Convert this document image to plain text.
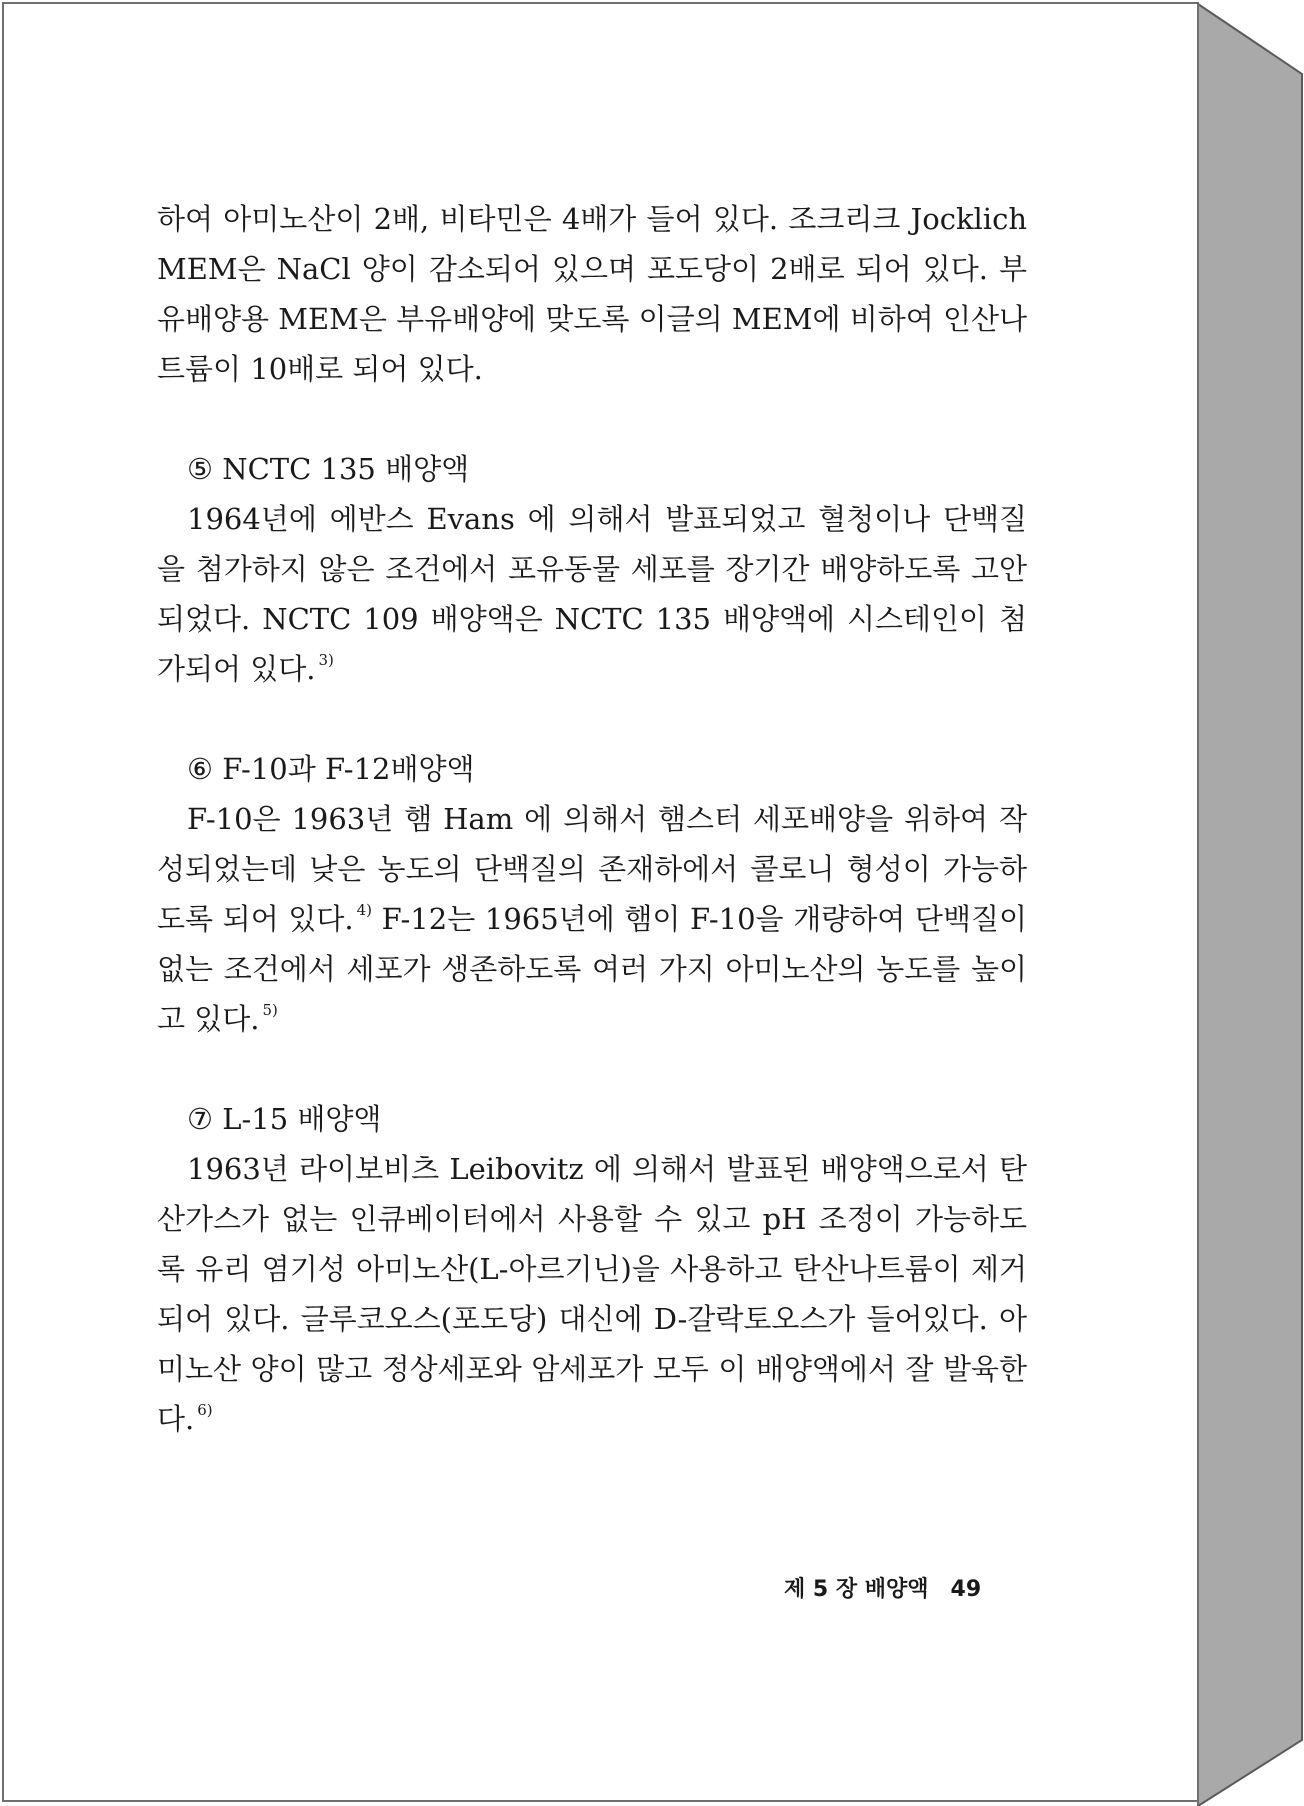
하여 아미노산이 2배, 비타민은 4배가 들어 있다. 조크리크 Jocklich MEM은 NaCl 양이 감소되어 있으며 포도당이 2배로 되어 있다. 부유배양용 MEM은 부유배양에 맞도록 이글의 MEM에 비하여 인산나트륨이 10배로 되어 있다.

⑤ NCTC 135 배양액

1964년에 에반스 Evans 에 의해서 발표되었고 혈청이나 단백질을 첨가하지 않은 조건에서 포유동물 세포를 장기간 배양하도록 고안되었다. NCTC 109 배양액은 NCTC 135 배양액에 시스테인이 첨가되어 있다. $^{3)}$

⑥ F-10과 F-12배양액

F-10은 1963년 햄 Ham 에 의해서 햄스터 세포배양을 위하여 작성되었는데 낮은 농도의 단백질의 존재하에서 콜로니 형성이 가능하도록 되어 있다. $^{4)}$ F-12는 1965년에 햄이 F-10을 개량하여 단백질이 없는 조건에서 세포가 생존하도록 여러 가지 아미노산의 농도를 높이고 있다. $^{5)}$

⑦ L-15 배양액

1963년 라이보비츠 Leibovitz 에 의해서 발표된 배양액으로서 탄산가스가 없는 인큐베이터에서 사용할 수 있고 pH 조정이 가능하도록 유리 염기성 아미노산(L-아르기닌)을 사용하고 탄산나트륨이 제거되어 있다. 글루코오스(포도당) 대신에 D-갈락토오스가 들어있다. 아미노산 양이 많고 정상세포와 암세포가 모두 이 배양액에서 잘 발육한다. $^{6)}$

제 5 장 배양액 49
